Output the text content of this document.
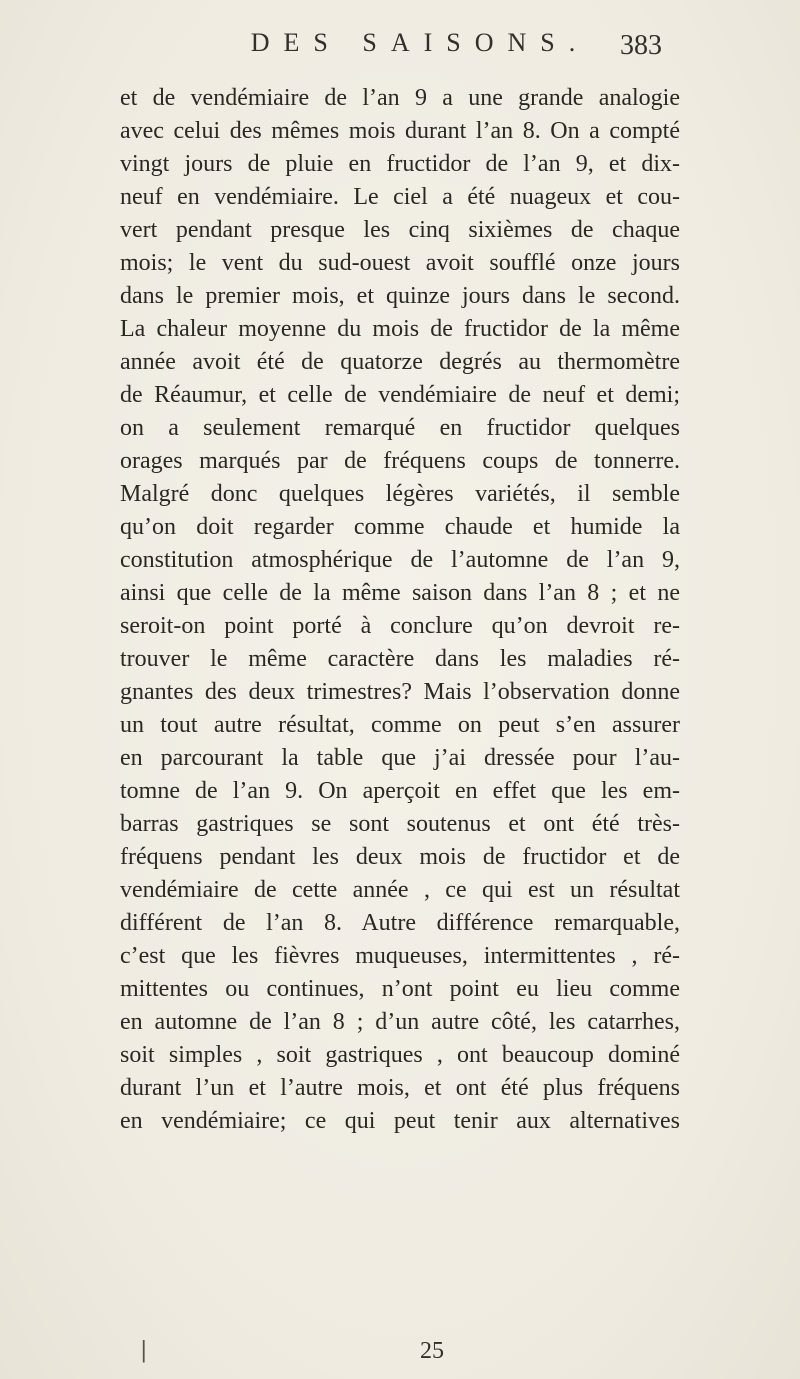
DES SAISONS.	383
et de vendémiaire de l’an 9 a une grande analogie
avec celui des mêmes mois durant l’an 8. On a compté
vingt jours de pluie en fructidor de l’an 9, et dix-
neuf en vendémiaire. Le ciel a été nuageux et cou-
vert pendant presque les cinq sixièmes de chaque
mois; le vent du sud-ouest avoit soufflé onze jours
dans le premier mois, et quinze jours dans le second.
La chaleur moyenne du mois de fructidor de la même
année avoit été de quatorze degrés au thermomètre
de Réaumur, et celle de vendémiaire de neuf et demi;
on a seulement remarqué en fructidor quelques
orages marqués par de fréquens coups de tonnerre.
Malgré donc quelques légères variétés, il semble
qu’on doit regarder comme chaude et humide la
constitution atmosphérique de l’automne de l’an 9,
ainsi que celle de la même saison dans l’an 8 ; et ne
seroit-on point porté à conclure qu’on devroit re-
trouver le même caractère dans les maladies ré-
gnantes des deux trimestres? Mais l’observation donne
un tout autre résultat, comme on peut s’en assurer
en parcourant la table que j’ai dressée pour l’au-
tomne de l’an 9. On aperçoit en effet que les em-
barras gastriques se sont soutenus et ont été très-
fréquens pendant les deux mois de fructidor et de
vendémiaire de cette année , ce qui est un résultat
différent de l’an 8. Autre différence remarquable,
c’est que les fièvres muqueuses, intermittentes , ré-
mittentes ou continues, n’ont point eu lieu comme
en automne de l’an 8 ; d’un autre côté, les catarrhes,
soit simples , soit gastriques , ont beaucoup dominé
durant l’un et l’autre mois, et ont été plus fréquens
en vendémiaire; ce qui peut tenir aux alternatives
|	25
